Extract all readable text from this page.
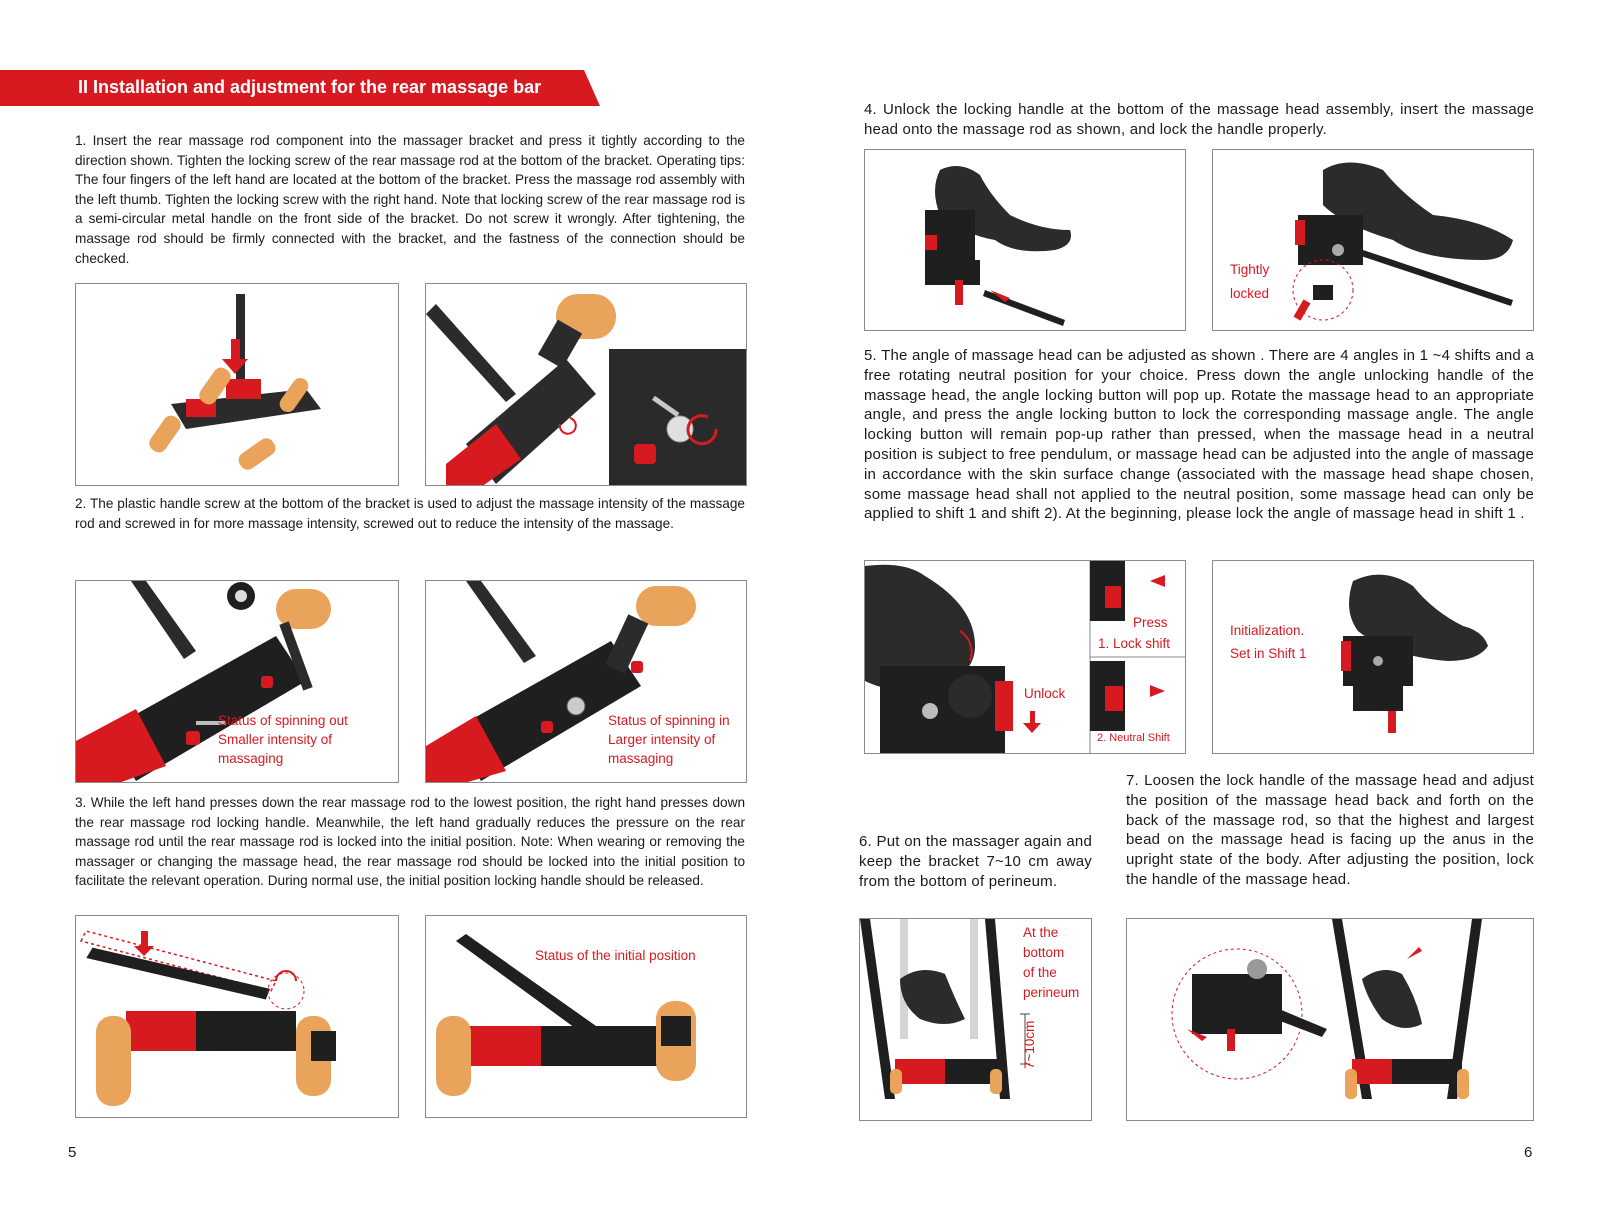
II Installation and adjustment for the rear massage bar

1. Insert the rear massage rod component into the massager bracket and press it tightly according to the direction shown. Tighten the locking screw of the rear massage rod at the bottom of the bracket. Operating tips: The four fingers of the left hand are located at the bottom of the bracket. Press the massage rod assembly with the left thumb. Tighten the locking screw with the right hand. Note that locking screw of the rear massage rod is a semi-circular metal handle on the front side of the bracket. Do not screw it wrongly. After tightening, the massage rod should be firmly connected with the bracket, and the fastness of the connection should be checked.

2. The plastic handle screw at the bottom of the bracket is used to adjust the massage intensity of the massage rod and screwed in for more massage intensity, screwed out to reduce the intensity of the massage.

Status of spinning out
Smaller intensity of
massaging
Status of spinning in
Larger intensity of
massaging

3. While the left hand presses down the rear massage rod to the lowest position, the right hand presses down the rear massage rod locking handle. Meanwhile, the left hand gradually reduces the pressure on the rear massage rod until the rear massage rod is locked into the initial position. Note: When wearing or removing the massager or changing the massage head, the rear massage rod should be locked into the initial position to facilitate the relevant operation. During normal use, the initial position locking handle should be released.

Status of the initial position
5

4. Unlock the locking handle at the bottom of the massage head assembly, insert the massage head onto the massage rod as shown, and lock the handle properly.

Tightly
locked

5. The angle of massage head can be adjusted as shown . There are 4 angles in 1 ~4 shifts and a free rotating neutral position for your choice. Press down the angle unlocking handle of the massage head, the angle locking button will pop up. Rotate the massage head to an appropriate angle, and press the angle locking button to lock the corresponding massage angle. The angle locking button will remain pop-up rather than pressed, when the massage head in a neutral position is subject to free pendulum, or massage head can be adjusted into the angle of massage in accordance with the skin surface change (associated with the massage head shape chosen, some massage head shall not applied to the neutral position, some massage head can only be applied to shift 1 and shift 2). At the beginning, please lock the angle of massage head in shift 1 .

Unlock
Press
1. Lock shift
2. Neutral Shift
Initialization.
Set in Shift 1

7. Loosen the lock handle of the massage head and adjust the position of the massage head back and forth on the back of the massage rod, so that the highest and largest bead on the massage head is facing up the anus in the upright state of the body. After adjusting the position, lock the handle of the massage head.

6. Put on the massager again and keep the bracket 7~10 cm away from the bottom of perineum.

At the
bottom
of the
perineum
7~10cm
6
